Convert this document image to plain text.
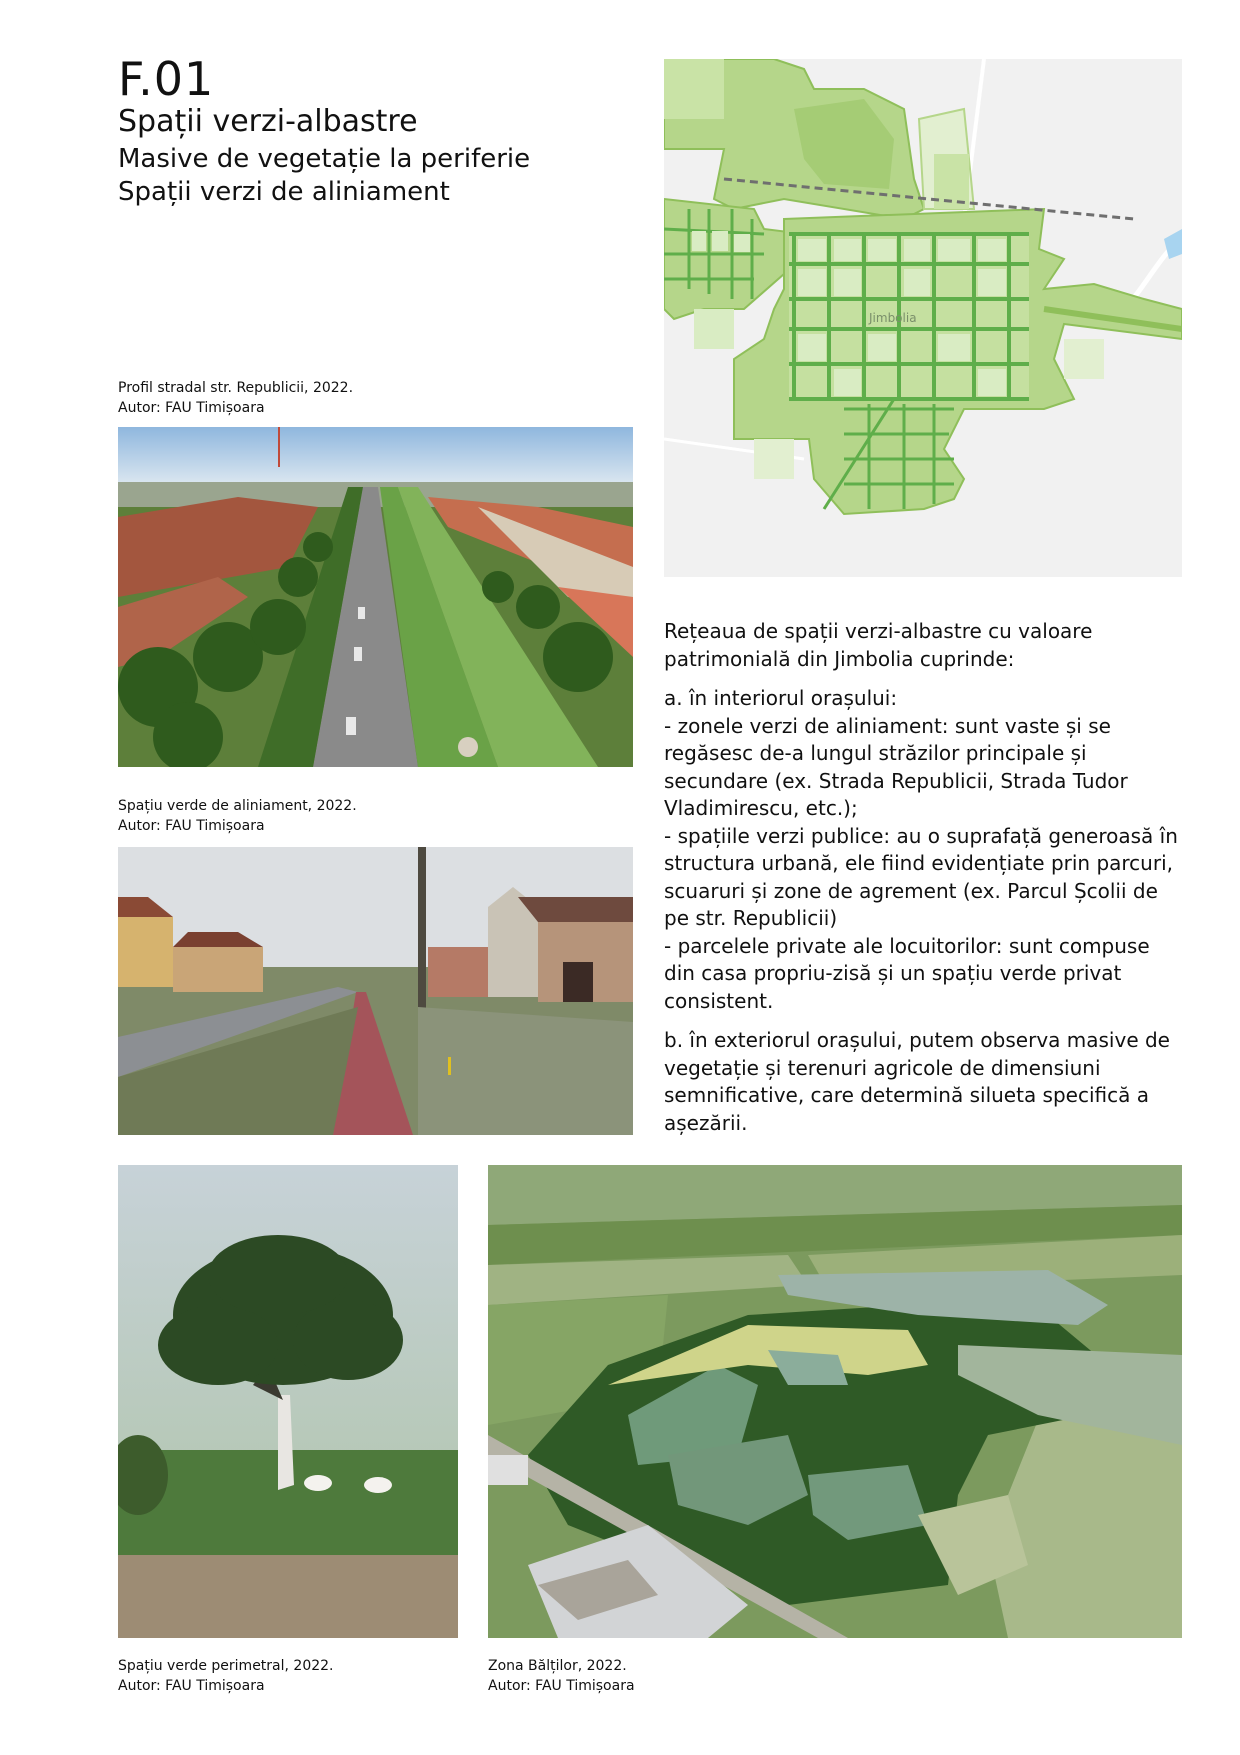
F.01
Spații verzi-albastre
Masive de vegetație la periferie
Spații verzi de aliniament
Jimbolia
Profil stradal str. Republicii, 2022.
Autor: FAU Timișoara
Spațiu verde de aliniament, 2022.
Autor: FAU Timișoara

Rețeaua de spații verzi-albastre cu valoare patrimonială din Jimbolia cuprinde:

a. în interiorul orașului:
- zonele verzi de aliniament: sunt vaste și se regăsesc de-a lungul străzilor principale și secundare (ex. Strada Republicii, Strada Tudor Vladimirescu, etc.);
- spațiile verzi publice: au o suprafață generoasă în structura urbană, ele fiind evidențiate prin parcuri, scuaruri și zone de agrement (ex. Parcul Școlii de pe str. Republicii)
- parcelele private ale locuitorilor: sunt compuse din casa propriu-zisă și un spațiu verde privat consistent.

b. în exteriorul orașului, putem observa masive de vegetație și terenuri agricole de dimensiuni semnificative, care determină silueta specifică a așezării.

Spațiu verde perimetral, 2022.
Autor: FAU Timișoara
Zona Bălților, 2022.
Autor: FAU Timișoara
